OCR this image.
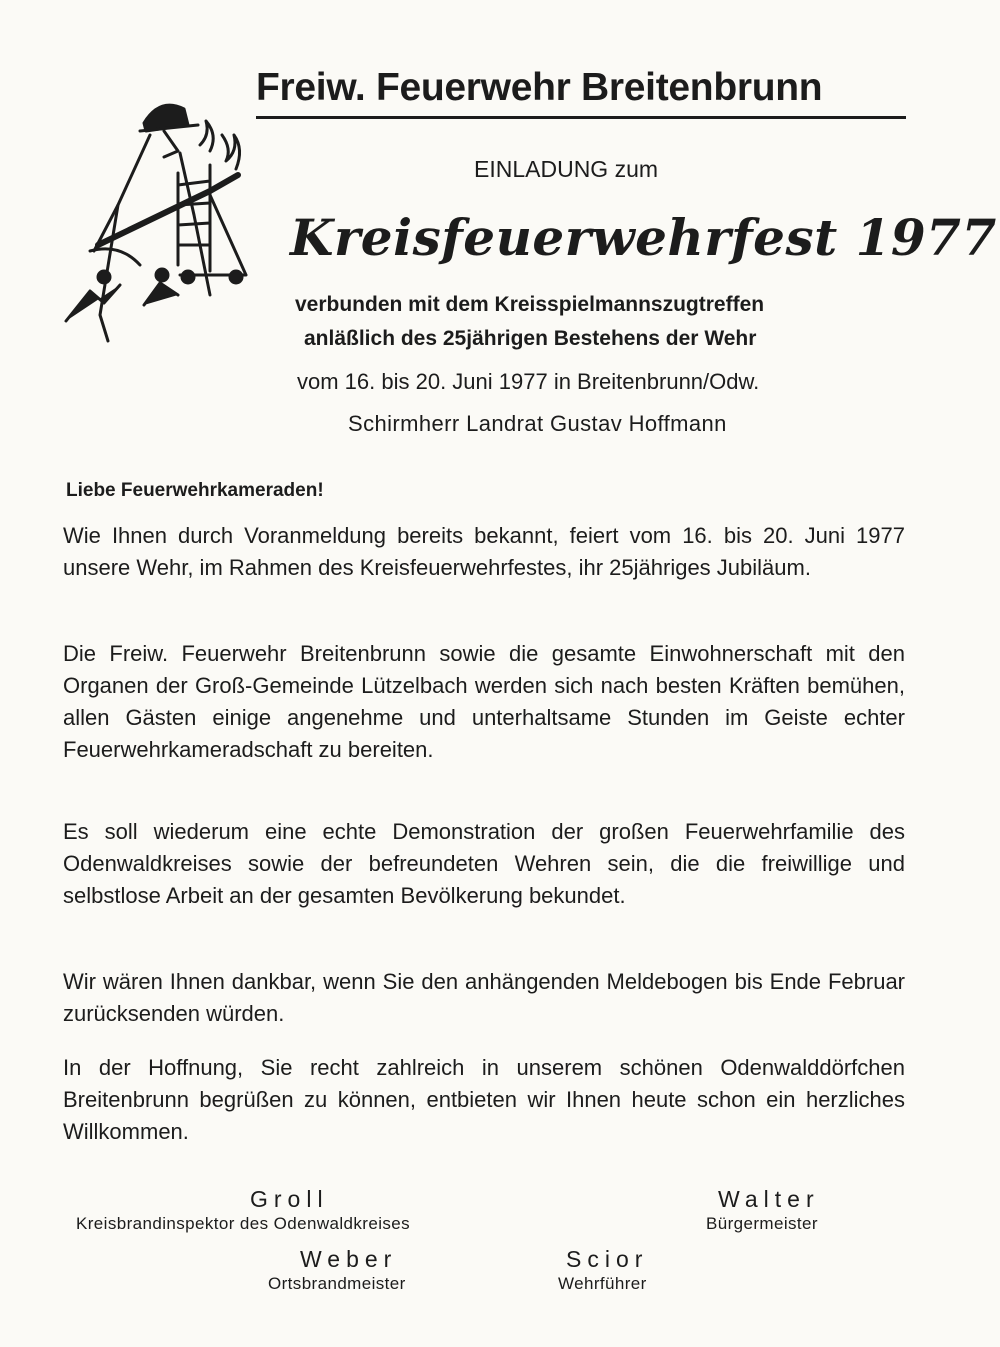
Freiw. Feuerwehr Breitenbrunn
EINLADUNG zum
Kreisfeuerwehrfest 1977
verbunden mit dem Kreisspielmannszugtreffen
anläßlich des 25jährigen Bestehens der Wehr
vom 16. bis 20. Juni 1977 in Breitenbrunn/Odw.
Schirmherr Landrat Gustav Hoffmann
Liebe Feuerwehrkameraden!
Wie Ihnen durch Voranmeldung bereits bekannt, feiert vom 16. bis 20. Juni 1977 unsere Wehr, im Rahmen des Kreisfeuerwehrfestes, ihr 25jähriges Jubiläum.
Die Freiw. Feuerwehr Breitenbrunn sowie die gesamte Einwohnerschaft mit den Organen der Groß-Gemeinde Lützelbach werden sich nach besten Kräften bemühen, allen Gästen einige angenehme und unterhaltsame Stunden im Geiste echter Feuerwehrkameradschaft zu bereiten.
Es soll wiederum eine echte Demonstration der großen Feuerwehrfamilie des Odenwaldkreises sowie der befreundeten Wehren sein, die die freiwillige und selbstlose Arbeit an der gesamten Bevölkerung bekundet.
Wir wären Ihnen dankbar, wenn Sie den anhängenden Meldebogen bis Ende Februar zurücksenden würden.
In der Hoffnung, Sie recht zahlreich in unserem schönen Odenwalddörfchen Breitenbrunn begrüßen zu können, entbieten wir Ihnen heute schon ein herzliches Willkommen.
Groll
Kreisbrandinspektor des Odenwaldkreises
Walter
Bürgermeister
Weber
Ortsbrandmeister
Scior
Wehrführer
